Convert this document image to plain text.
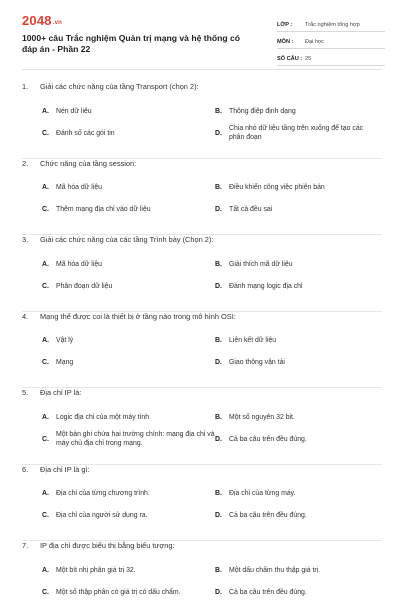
2048.vn
1000+ câu Trắc nghiệm Quản trị mạng và hệ thống có đáp án - Phần 22
LỚP :	Trắc nghiệm tổng hợp
MÔN :	Đại học
SỐ CÂU : 25
1.	Giải các chức năng của tầng Transport (chọn 2):
A.	Nén dữ liệu	B.	Thông điệp định dạng
C.	Đánh số các gói tin	D.
Chia nhỏ dữ liệu tầng trên xuống để tạo các phân đoạn
2.	Chức năng của tầng session:
A.	Mã hóa dữ liệu	B.	Điều khiển công việc phiên bản
C.	Thêm mạng địa chỉ vào dữ liệu	D.	Tất cả đều sai
3.	Giải các chức năng của các tầng Trình bày (Chọn 2):
A.	Mã hóa dữ liệu	B.	Giải thích mã dữ liệu
C.	Phân đoạn dữ liệu	D.	Đánh mạng logic địa chỉ
4.	Mạng thể được coi là thiết bị ở tầng nào trong mô hình OSI:
A.	Vật lý	B.	Liên kết dữ liệu
C.	Mạng	D.	Giao thông vận tải
5.	Địa chỉ IP là:
A.	Logic địa chỉ của một máy tính	B.	Một số nguyên 32 bit.
C.
Một bản ghi chứa hai trường chính: mạng địa chỉ và máy chủ địa chỉ trong mạng.
D.	Cả ba câu trên đều đúng.
6.	Địa chỉ IP là gì:
A.	Địa chỉ của từng chương trình.	B.	Địa chỉ của từng máy.
C.	Địa chỉ của người sử dụng ra.	D.	Cả ba câu trên đều đúng.
7.	IP địa chỉ được biểu thị bằng biểu tượng:
A.	Một bít nhị phân giá trị 32.	B.	Một dấu chấm thu thập giá trị.
C.	Một số thập phân có giá trị có dấu chấm.	D.	Cả ba câu trên đều đúng.
